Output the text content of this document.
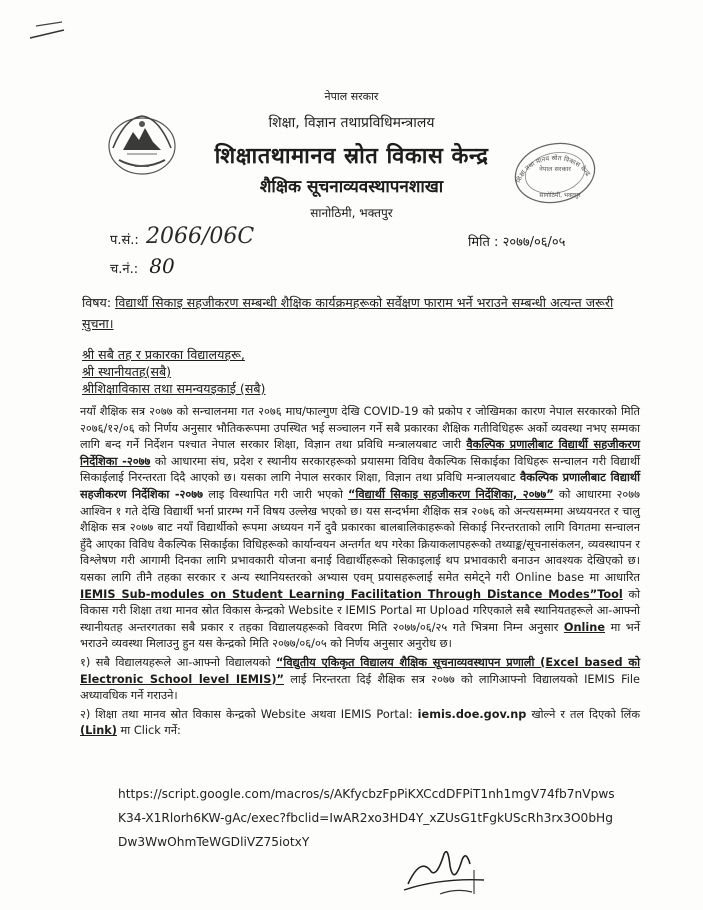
नेपाल सरकार
शिक्षा, विज्ञान तथाप्रविधिमन्त्रालय
शिक्षातथामानव स्रोत विकास केन्द्र
शैक्षिक सूचनाव्यवस्थापनशाखा
सानोठिमी, भक्तपुर
शिक्षा तथा मानव स्रोत विकास केन्द्र
नेपाल सरकार
सानोठिमी, भक्तपुर
प.सं.: 2066/06C	मिति : २०७७/०६/०५
च.नं.: 80
विषय: विद्यार्थी सिकाइ सहजीकरण सम्बन्धी शैक्षिक कार्यक्रमहरूको सर्वेक्षण फाराम भर्ने भराउने सम्बन्धी अत्यन्त जरूरी सुचना।
श्री सबै तह र प्रकारका विद्यालयहरू,
श्री स्थानीयतह(सबै)
श्रीशिक्षाविकास तथा समन्वयइकाई (सबै)

नयाँ शैक्षिक सत्र २०७७ को सन्चालनमा गत २०७६ माघ/फाल्गुण देखि COVID-19 को प्रकोप र जोखिमका कारण नेपाल सरकारको मिति २०७६/१२/०६ को निर्णय अनुसार भौतिकरूपमा उपस्थित भई सञ्चालन गर्ने सबै प्रकारका शैक्षिक गतीविधिहरू अर्को व्यवस्था नभए सम्मका लागि बन्द गर्ने निर्देशन पश्चात नेपाल सरकार शिक्षा, विज्ञान तथा प्रविधि मन्त्रालयबाट जारी वैकल्पिक प्रणालीबाट विद्यार्थी सहजीकरण निर्देशिका -२०७७ को आधारमा संघ, प्रदेश र स्थानीय सरकारहरूको प्रयासमा विविध वैकल्पिक सिकाईका विधिहरू सन्चालन गरी विद्यार्थी सिकाईलाई निरन्तरता दिदै आएको छ। यसका लागि नेपाल सरकार शिक्षा, विज्ञान तथा प्रविधि मन्त्रालयबाट वैकल्पिक प्रणालीबाट विद्यार्थी सहजीकरण निर्देशिका -२०७७ लाइ विस्थापित गरी जारी भएको “विद्यार्थी सिकाइ सहजीकरण निर्देशिका, २०७७” को आधारमा २०७७ आश्विन १ गते देखि विद्यार्थी भर्ना प्रारम्भ गर्ने विषय उल्लेख भएको छ। यस सन्दर्भमा शैक्षिक सत्र २०७६ को अन्त्यसम्ममा अध्ययनरत र चालु शैक्षिक सत्र २०७७ बाट नयाँ विद्यार्थीको रूपमा अध्ययन गर्ने दुवै प्रकारका बालबालिकाहरूको सिकाई निरन्तरताको लागि विगतमा सन्चालन हुँदै आएका विविध वैकल्पिक सिकाईका विधिहरूको कार्यान्वयन अन्तर्गत थप गरेका क्रियाकलापहरूको तथ्याङ्क/सूचनासंकलन, व्यवस्थापन र विश्लेषण गरी आगामी दिनका लागि प्रभावकारी योजना बनाई विद्यार्थीहरूको सिकाइलाई थप प्रभावकारी बनाउन आवश्यक देखिएको छ। यसका लागि तीनै तहका सरकार र अन्य स्थानियस्तरको अभ्यास एवम् प्रयासहरूलाई समेत समेट्ने गरी Online base मा आधारित IEMIS Sub-modules on Student Learning Facilitation Through Distance Modes”Tool को विकास गरी शिक्षा तथा मानव स्रोत विकास केन्द्रको Website र IEMIS Portal मा Upload गरिएकाले सबै स्थानियतहरूले आ-आफ्नो स्थानीयतह अन्तरगतका सबै प्रकार र तहका विद्यालयहरूको विवरण मिति २०७७/०६/२५ गते भित्रमा निम्न अनुसार Online मा भर्ने भराउने व्यवस्था मिलाउनु हुन यस केन्द्रको मिति २०७७/०६/०५ को निर्णय अनुसार अनुरोध छ।

१) सबै विद्यालयहरूले आ-आफ्नो विद्यालयको “विद्युतीय एकिकृत विद्यालय शैक्षिक सूचनाव्यवस्थापन प्रणाली (Excel based को Electronic School level IEMIS)” लाई निरन्तरता दिई शैक्षिक सत्र २०७७ को लागिआफ्नो विद्यालयको IEMIS File अध्यावधिक गर्ने गराउने।

२) शिक्षा तथा मानव स्रोत विकास केन्द्रको Website अथवा IEMIS Portal: iemis.doe.gov.np खोल्ने र तल दिएको लिंक (Link) मा Click गर्ने:

https://script.google.com/macros/s/AKfycbzFpPiKXCcdDFPiT1nh1mgV74fb7nVpwsK34-X1Rlorh6KW-gAc/exec?fbclid=IwAR2xo3HD4Y_xZUsG1tFgkUScRh3rx3O0bHgDw3WwOhmTeWGDliVZ75iotxY
